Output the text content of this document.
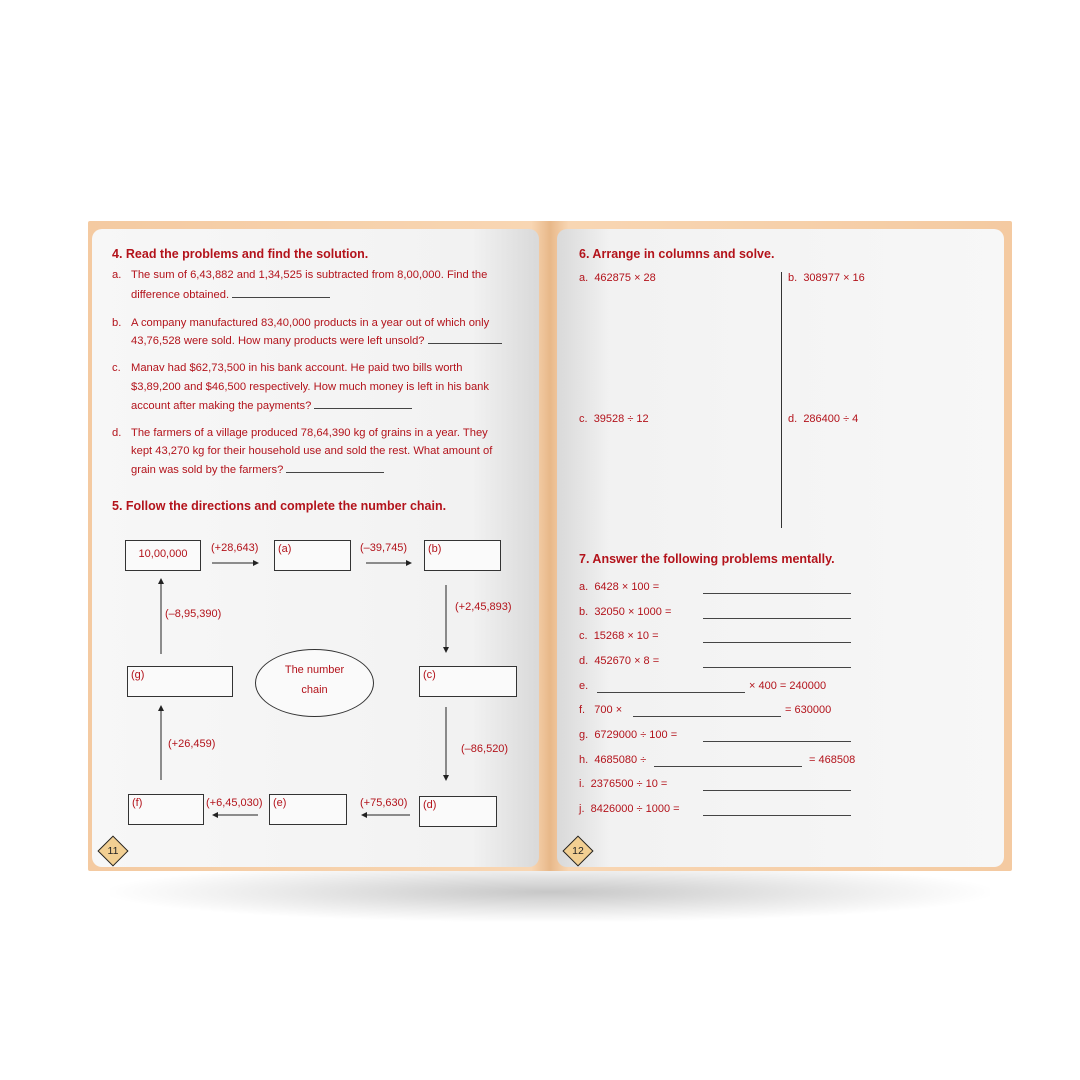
4. Read the problems and find the solution.
a. The sum of 6,43,882 and 1,34,525 is subtracted from 8,00,000. Find the
difference obtained.
b. A company manufactured 83,40,000 products in a year out of which only
43,76,528 were sold. How many products were left unsold?
c. Manav had $62,73,500 in his bank account. He paid two bills worth
$3,89,200 and $46,500 respectively. How much money is left in his bank
account after making the payments?
d. The farmers of a village produced 78,64,390 kg of grains in a year. They
kept 43,270 kg for their household use and sold the rest. What amount of
grain was sold by the farmers?
5. Follow the directions and complete the number chain.
10,00,000	(a)	(b)
(c)
(d)
(e)
(f)
(g)	The number
chain
(+28,643)	(–39,745)
(+2,45,893)
(–86,520)
(+75,630)
(+6,45,030)
(+26,459)
(–8,95,390)
11
6. Arrange in columns and solve.
a. 462875 × 28	b. 308977 × 16
c. 39528 ÷ 12	d. 286400 ÷ 4
7. Answer the following problems mentally.
a. 6428 × 100 =
b. 32050 × 1000 =
c. 15268 × 10 =
d. 452670 × 8 =
e.	× 400 = 240000
f. 700 ×	= 630000
g. 6729000 ÷ 100 =
h. 4685080 ÷	= 468508
i. 2376500 ÷ 10 =
j. 8426000 ÷ 1000 =
12
